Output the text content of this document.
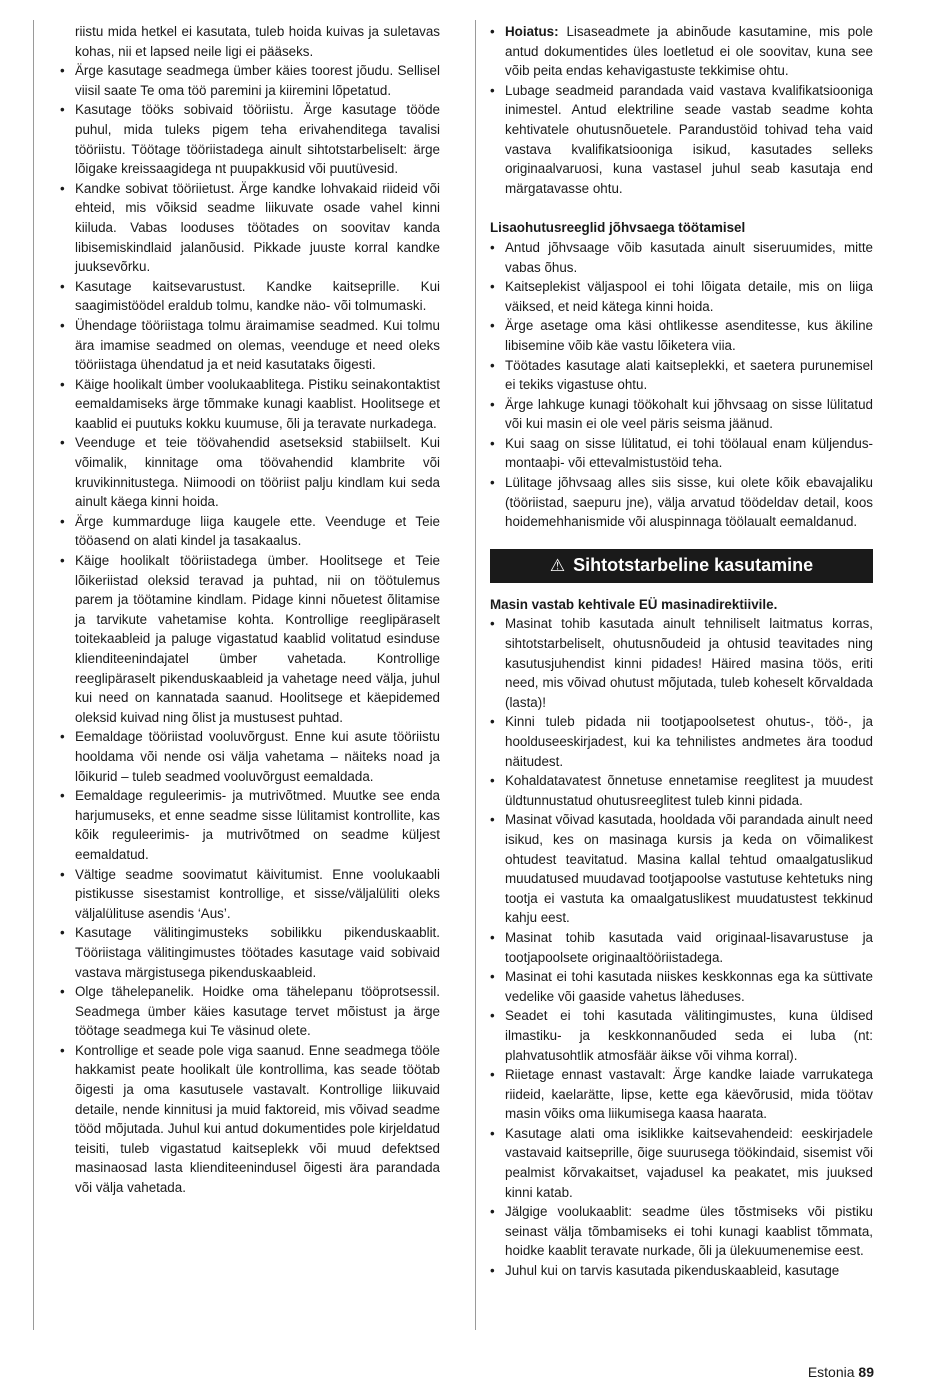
riistu mida hetkel ei kasutata, tuleb hoida kuivas ja suletavas kohas, nii et lapsed neile ligi ei pääseks.
• Ärge kasutage seadmega ümber käies toorest jõudu. Sellisel viisil saate Te oma töö paremini ja kiiremini lõpetatud.
• Kasutage tööks sobivaid tööriistu. Ärge kasutage tööde puhul, mida tuleks pigem teha erivahenditega tavalisi tööriistu. Töötage tööriistadega ainult sihtotstarbeliselt: ärge lõigake kreissaagidega nt puupakkusid või puutüvesid.
• Kandke sobivat tööriietust. Ärge kandke lohvakaid riideid või ehteid, mis võiksid seadme liikuvate osade vahel kinni kiiluda. Vabas looduses töötades on soovitav kanda libisemiskindlaid jalanõusid. Pikkade juuste korral kandke juuksevõrku.
• Kasutage kaitsevarustust. Kandke kaitseprille. Kui saagimistöödel eraldub tolmu, kandke näo- või tolmumaski.
• Ühendage tööriistaga tolmu äraimamise seadmed. Kui tolmu ära imamise seadmed on olemas, veenduge et need oleks tööriistaga ühendatud ja et neid kasutataks õigesti.
• Käige hoolikalt ümber voolukaablitega. Pistiku seinakontaktist eemaldamiseks ärge tõmmake kunagi kaablist. Hoolitsege et kaablid ei puutuks kokku kuumuse, õli ja teravate nurkadega.
• Veenduge et teie töövahendid asetseksid stabiilselt. Kui võimalik, kinnitage oma töövahendid klambrite või kruvikinnitustega. Niimoodi on tööriist palju kindlam kui seda ainult käega kinni hoida.
• Ärge kummarduge liiga kaugele ette. Veenduge et Teie tööasend on alati kindel ja tasakaalus.
• Käige hoolikalt tööriistadega ümber. Hoolitsege et Teie lõikeriistad oleksid teravad ja puhtad, nii on töötulemus parem ja töötamine kindlam. Pidage kinni nõuetest õlitamise ja tarvikute vahetamise kohta. Kontrollige reeglipäraselt toitekaableid ja paluge vigastatud kaablid volitatud esinduse klienditeenindajatel ümber vahetada. Kontrollige reeglipäraselt pikenduskaableid ja vahetage need välja, juhul kui need on kannatada saanud. Hoolitsege et käepidemed oleksid kuivad ning õlist ja mustusest puhtad.
• Eemaldage tööriistad vooluvõrgust. Enne kui asute tööriistu hooldama või nende osi välja vahetama – näiteks noad ja lõikurid – tuleb seadmed vooluvõrgust eemaldada.
• Eemaldage reguleerimis- ja mutrivõtmed. Muutke see enda harjumuseks, et enne seadme sisse lülitamist kontrollite, kas kõik reguleerimis- ja mutrivõtmed on seadme küljest eemaldatud.
• Vältige seadme soovimatut käivitumist. Enne voolukaabli pistikusse sisestamist kontrollige, et sisse/väljalüliti oleks väljalülituse asendis ‘Aus’.
• Kasutage välitingimusteks sobilikku pikenduskaablit. Tööriistaga välitingimustes töötades kasutage vaid sobivaid vastava märgistusega pikenduskaableid.
• Olge tähelepanelik. Hoidke oma tähelepanu tööprotsessil. Seadmega ümber käies kasutage tervet mõistust ja ärge töötage seadmega kui Te väsinud olete.
• Kontrollige et seade pole viga saanud. Enne seadmega tööle hakkamist peate hoolikalt üle kontrollima, kas seade töötab õigesti ja oma kasutusele vastavalt. Kontrollige liikuvaid detaile, nende kinnitusi ja muid faktoreid, mis võivad seadme tööd mõjutada. Juhul kui antud dokumentides pole kirjeldatud teisiti, tuleb vigastatud kaitseplekk või muud defektsed masinaosad lasta klienditeenindusel õigesti ära parandada või välja vahetada.
• Hoiatus: Lisaseadmete ja abinõude kasutamine, mis pole antud dokumentides üles loetletud ei ole soovitav, kuna see võib peita endas kehavigastuste tekkimise ohtu.
• Lubage seadmeid parandada vaid vastava kvalifikatsiooniga inimestel. Antud elektriline seade vastab seadme kohta kehtivatele ohutusnõuetele. Parandustöid tohivad teha vaid vastava kvalifikatsiooniga isikud, kasutades selleks originaalvaruosi, kuna vastasel juhul seab kasutaja end märgatavasse ohtu.

Lisaohutusreeglid jõhvsaega töötamisel

• Antud jõhvsaage võib kasutada ainult siseruumides, mitte vabas õhus.
• Kaitseplekist väljaspool ei tohi lõigata detaile, mis on liiga väiksed, et neid kätega kinni hoida.
• Ärge asetage oma käsi ohtlikesse asenditesse, kus äkiline libisemine võib käe vastu lõiketera viia.
• Töötades kasutage alati kaitseplekki, et saetera purunemisel ei tekiks vigastuse ohtu.
• Ärge lahkuge kunagi töökohalt kui jõhvsaag on sisse lülitatud või kui masin ei ole veel päris seisma jäänud.
• Kui saag on sisse lülitatud, ei tohi töölaual enam küljendus- montaaþi- või ettevalmistustöid teha.
• Lülitage jõhvsaag alles siis sisse, kui olete kõik ebavajaliku (tööriistad, saepuru jne), välja arvatud töödeldav detail, koos hoidemehhanismide või aluspinnaga töölaualt eemaldanud.
⚠ Sihtotstarbeline kasutamine

Masin vastab kehtivale EÜ masinadirektiivile.

• Masinat tohib kasutada ainult tehniliselt laitmatus korras, sihtotstarbeliselt, ohutusnõudeid ja ohtusid teavitades ning kasutusjuhendist kinni pidades! Häired masina töös, eriti need, mis võivad ohutust mõjutada, tuleb koheselt kõrvaldada (lasta)!
• Kinni tuleb pidada nii tootjapoolsetest ohutus-, töö-, ja hoolduseeskirjadest, kui ka tehnilistes andmetes ära toodud näitudest.
• Kohaldatavatest õnnetuse ennetamise reeglitest ja muudest üldtunnustatud ohutusreeglitest tuleb kinni pidada.
• Masinat võivad kasutada, hooldada või parandada ainult need isikud, kes on masinaga kursis ja keda on võimalikest ohtudest teavitatud. Masina kallal tehtud omaalgatuslikud muudatused muudavad tootjapoolse vastutuse kehtetuks ning tootja ei vastuta ka omaalgatuslikest muudatustest tekkinud kahju eest.
• Masinat tohib kasutada vaid originaal-lisavarustuse ja tootjapoolsete originaaltööriistadega.
• Masinat ei tohi kasutada niiskes keskkonnas ega ka süttivate vedelike või gaaside vahetus läheduses.
• Seadet ei tohi kasutada välitingimustes, kuna üldised ilmastiku- ja keskkonnanõuded seda ei luba (nt: plahvatusohtlik atmosfäär äikse või vihma korral).
• Riietage ennast vastavalt: Ärge kandke laiade varrukatega riideid, kaelarätte, lipse, kette ega käevõrusid, mida töötav masin võiks oma liikumisega kaasa haarata.
• Kasutage alati oma isiklikke kaitsevahendeid: eeskirjadele vastavaid kaitseprille, õige suurusega töökindaid, sisemist või pealmist kõrvakaitset, vajadusel ka peakatet, mis juuksed kinni katab.
• Jälgige voolukaablit: seadme üles tõstmiseks või pistiku seinast välja tõmbamiseks ei tohi kunagi kaablist tõmmata, hoidke kaablit teravate nurkade, õli ja ülekuumenemise eest.
• Juhul kui on tarvis kasutada pikenduskaableid, kasutage
Estonia 89
